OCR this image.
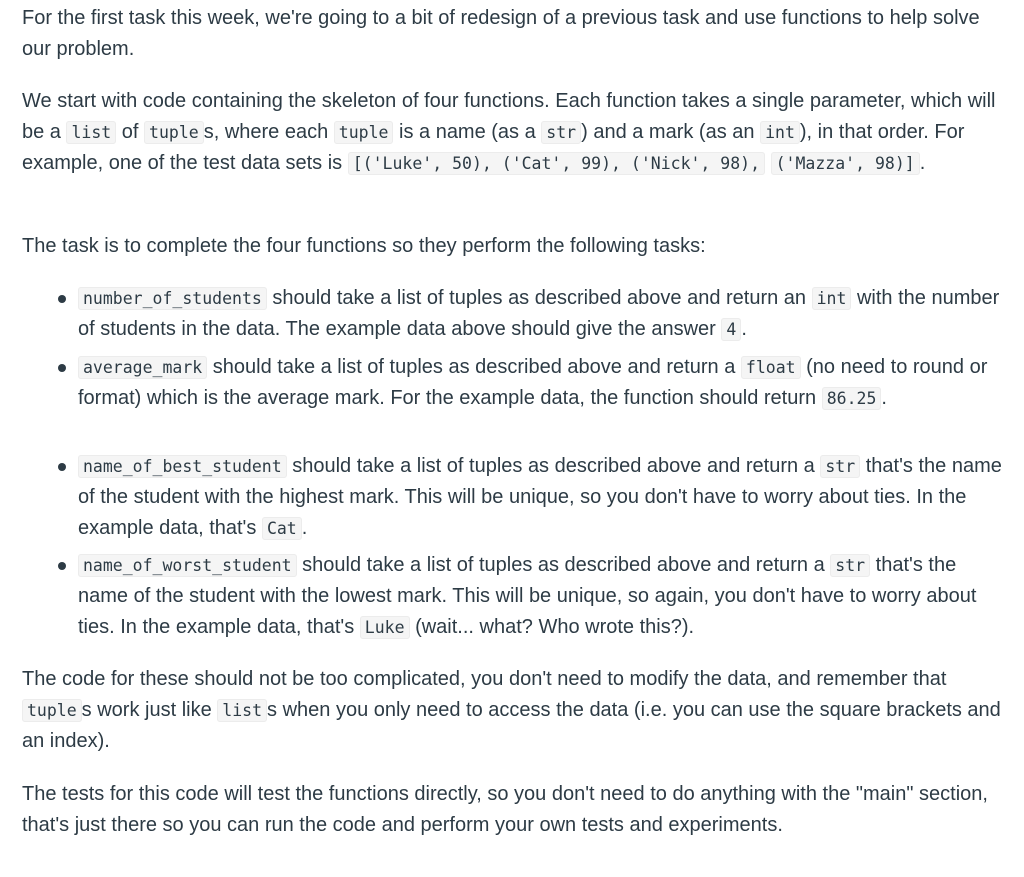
For the first task this week, we're going to a bit of redesign of a previous task and use functions to help solve our problem.

We start with code containing the skeleton of four functions. Each function takes a single parameter, which will be a list of tuple s, where each tuple is a name (as a str ) and a mark (as an int ), in that order. For example, one of the test data sets is [('Luke', 50), ('Cat', 99), ('Nick', 98), ('Mazza', 98)] .

The task is to complete the four functions so they perform the following tasks:

number_of_students should take a list of tuples as described above and return an int with the number of students in the data. The example data above should give the answer 4 .
average_mark should take a list of tuples as described above and return a float (no need to round or format) which is the average mark. For the example data, the function should return 86.25 .
name_of_best_student should take a list of tuples as described above and return a str that's the name of the student with the highest mark. This will be unique, so you don't have to worry about ties. In the example data, that's Cat .
name_of_worst_student should take a list of tuples as described above and return a str that's the name of the student with the lowest mark. This will be unique, so again, you don't have to worry about ties. In the example data, that's Luke (wait... what? Who wrote this?).

The code for these should not be too complicated, you don't need to modify the data, and remember that tuple s work just like list s when you only need to access the data (i.e. you can use the square brackets and an index).

The tests for this code will test the functions directly, so you don't need to do anything with the "main" section, that's just there so you can run the code and perform your own tests and experiments.
